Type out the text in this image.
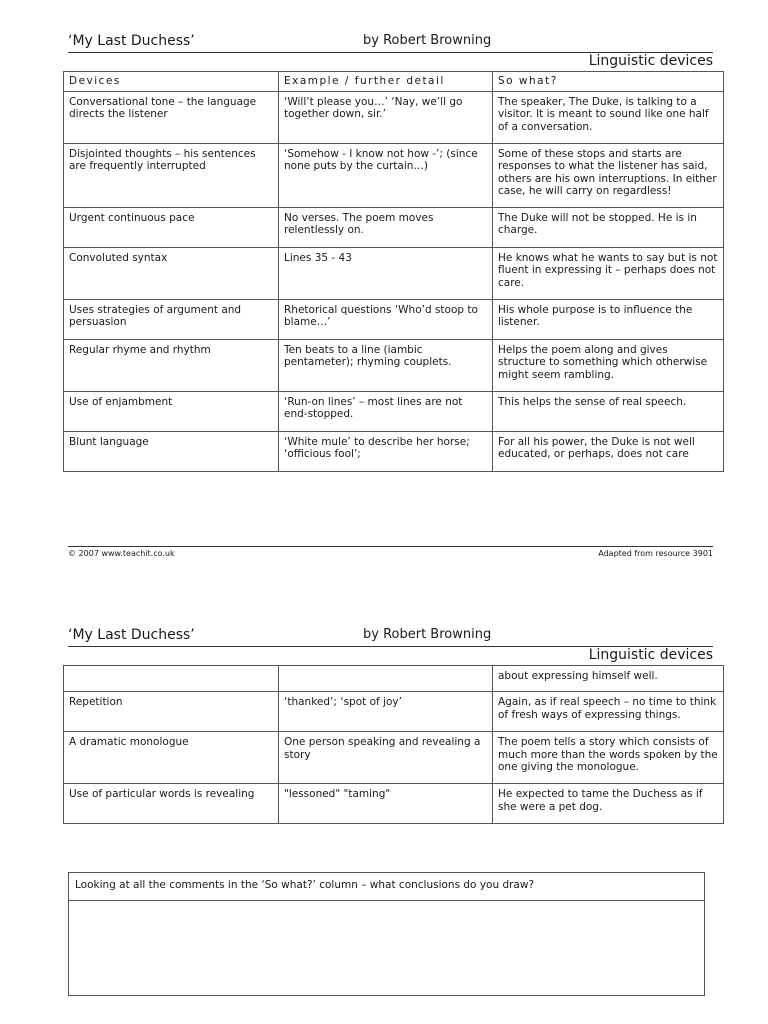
‘My Last Duchess’	by Robert Browning
Linguistic devices
Devices	Example / further detail	So what?
Conversational tone – the language directs the listener	‘Will’t please you…’ ‘Nay, we’ll go together down, sir.’	The speaker, The Duke, is talking to a visitor. It is meant to sound like one half of a conversation.
Disjointed thoughts – his sentences are frequently interrupted	‘Somehow - I know not how -’; (since none puts by the curtain…)	Some of these stops and starts are responses to what the listener has said, others are his own interruptions. In either case, he will carry on regardless!
Urgent continuous pace	No verses. The poem moves relentlessly on.	The Duke will not be stopped. He is in charge.
Convoluted syntax	Lines 35 - 43	He knows what he wants to say but is not fluent in expressing it – perhaps does not care.
Uses strategies of argument and persuasion	Rhetorical questions ‘Who’d stoop to blame…’	His whole purpose is to influence the listener.
Regular rhyme and rhythm	Ten beats to a line (iambic pentameter); rhyming couplets.	Helps the poem along and gives structure to something which otherwise might seem rambling.
Use of enjambment	‘Run-on lines’ – most lines are not end-stopped.	This helps the sense of real speech.
Blunt language	‘White mule’ to describe her horse; ‘officious fool’;	For all his power, the Duke is not well educated, or perhaps, does not care
© 2007 www.teachit.co.uk	Adapted from resource 3901
‘My Last Duchess’	by Robert Browning
Linguistic devices
		about expressing himself well.
Repetition	‘thanked’; ‘spot of joy’	Again, as if real speech – no time to think of fresh ways of expressing things.
A dramatic monologue	One person speaking and revealing a story	The poem tells a story which consists of much more than the words spoken by the one giving the monologue.
Use of particular words is revealing	"lessoned" "taming"	He expected to tame the Duchess as if she were a pet dog.
Looking at all the comments in the ‘So what?’ column – what conclusions do you draw?
